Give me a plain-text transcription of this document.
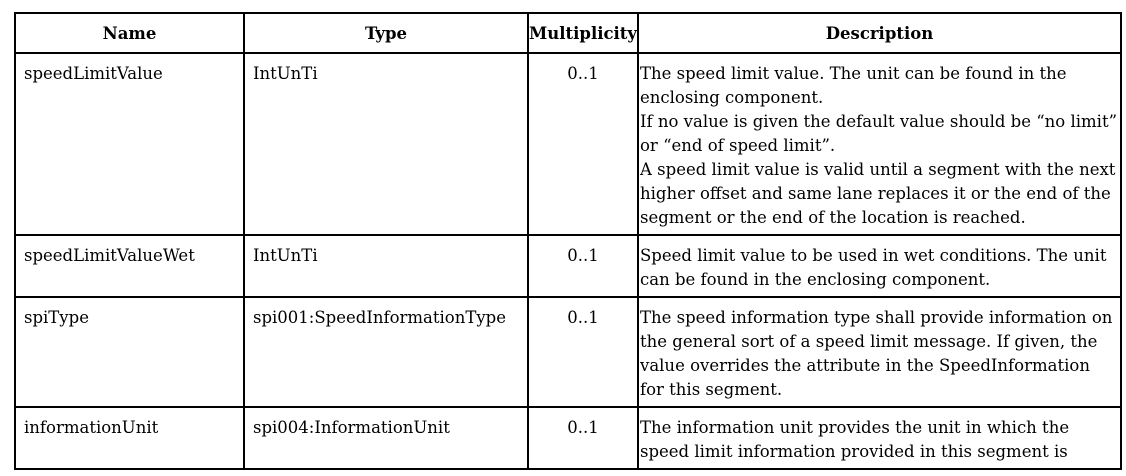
Name	Type	Multiplicity	Description
speedLimitValue	IntUnTi	0..1	The speed limit value. The unit can be found in the enclosing component.
If no value is given the default value should be “no limit” or “end of speed limit”.
A speed limit value is valid until a segment with the next higher offset and same lane replaces it or the end of the segment or the end of the location is reached.

speedLimitValueWet	IntUnTi	0..1	Speed limit value to be used in wet conditions. The unit can be found in the enclosing component.

spiType	spi001:SpeedInformationType	0..1	The speed information type shall provide information on the general sort of a speed limit message. If given, the value overrides the attribute in the SpeedInformation for this segment.

informationUnit	spi004:InformationUnit	0..1	The information unit provides the unit in which the speed limit information provided in this segment is
